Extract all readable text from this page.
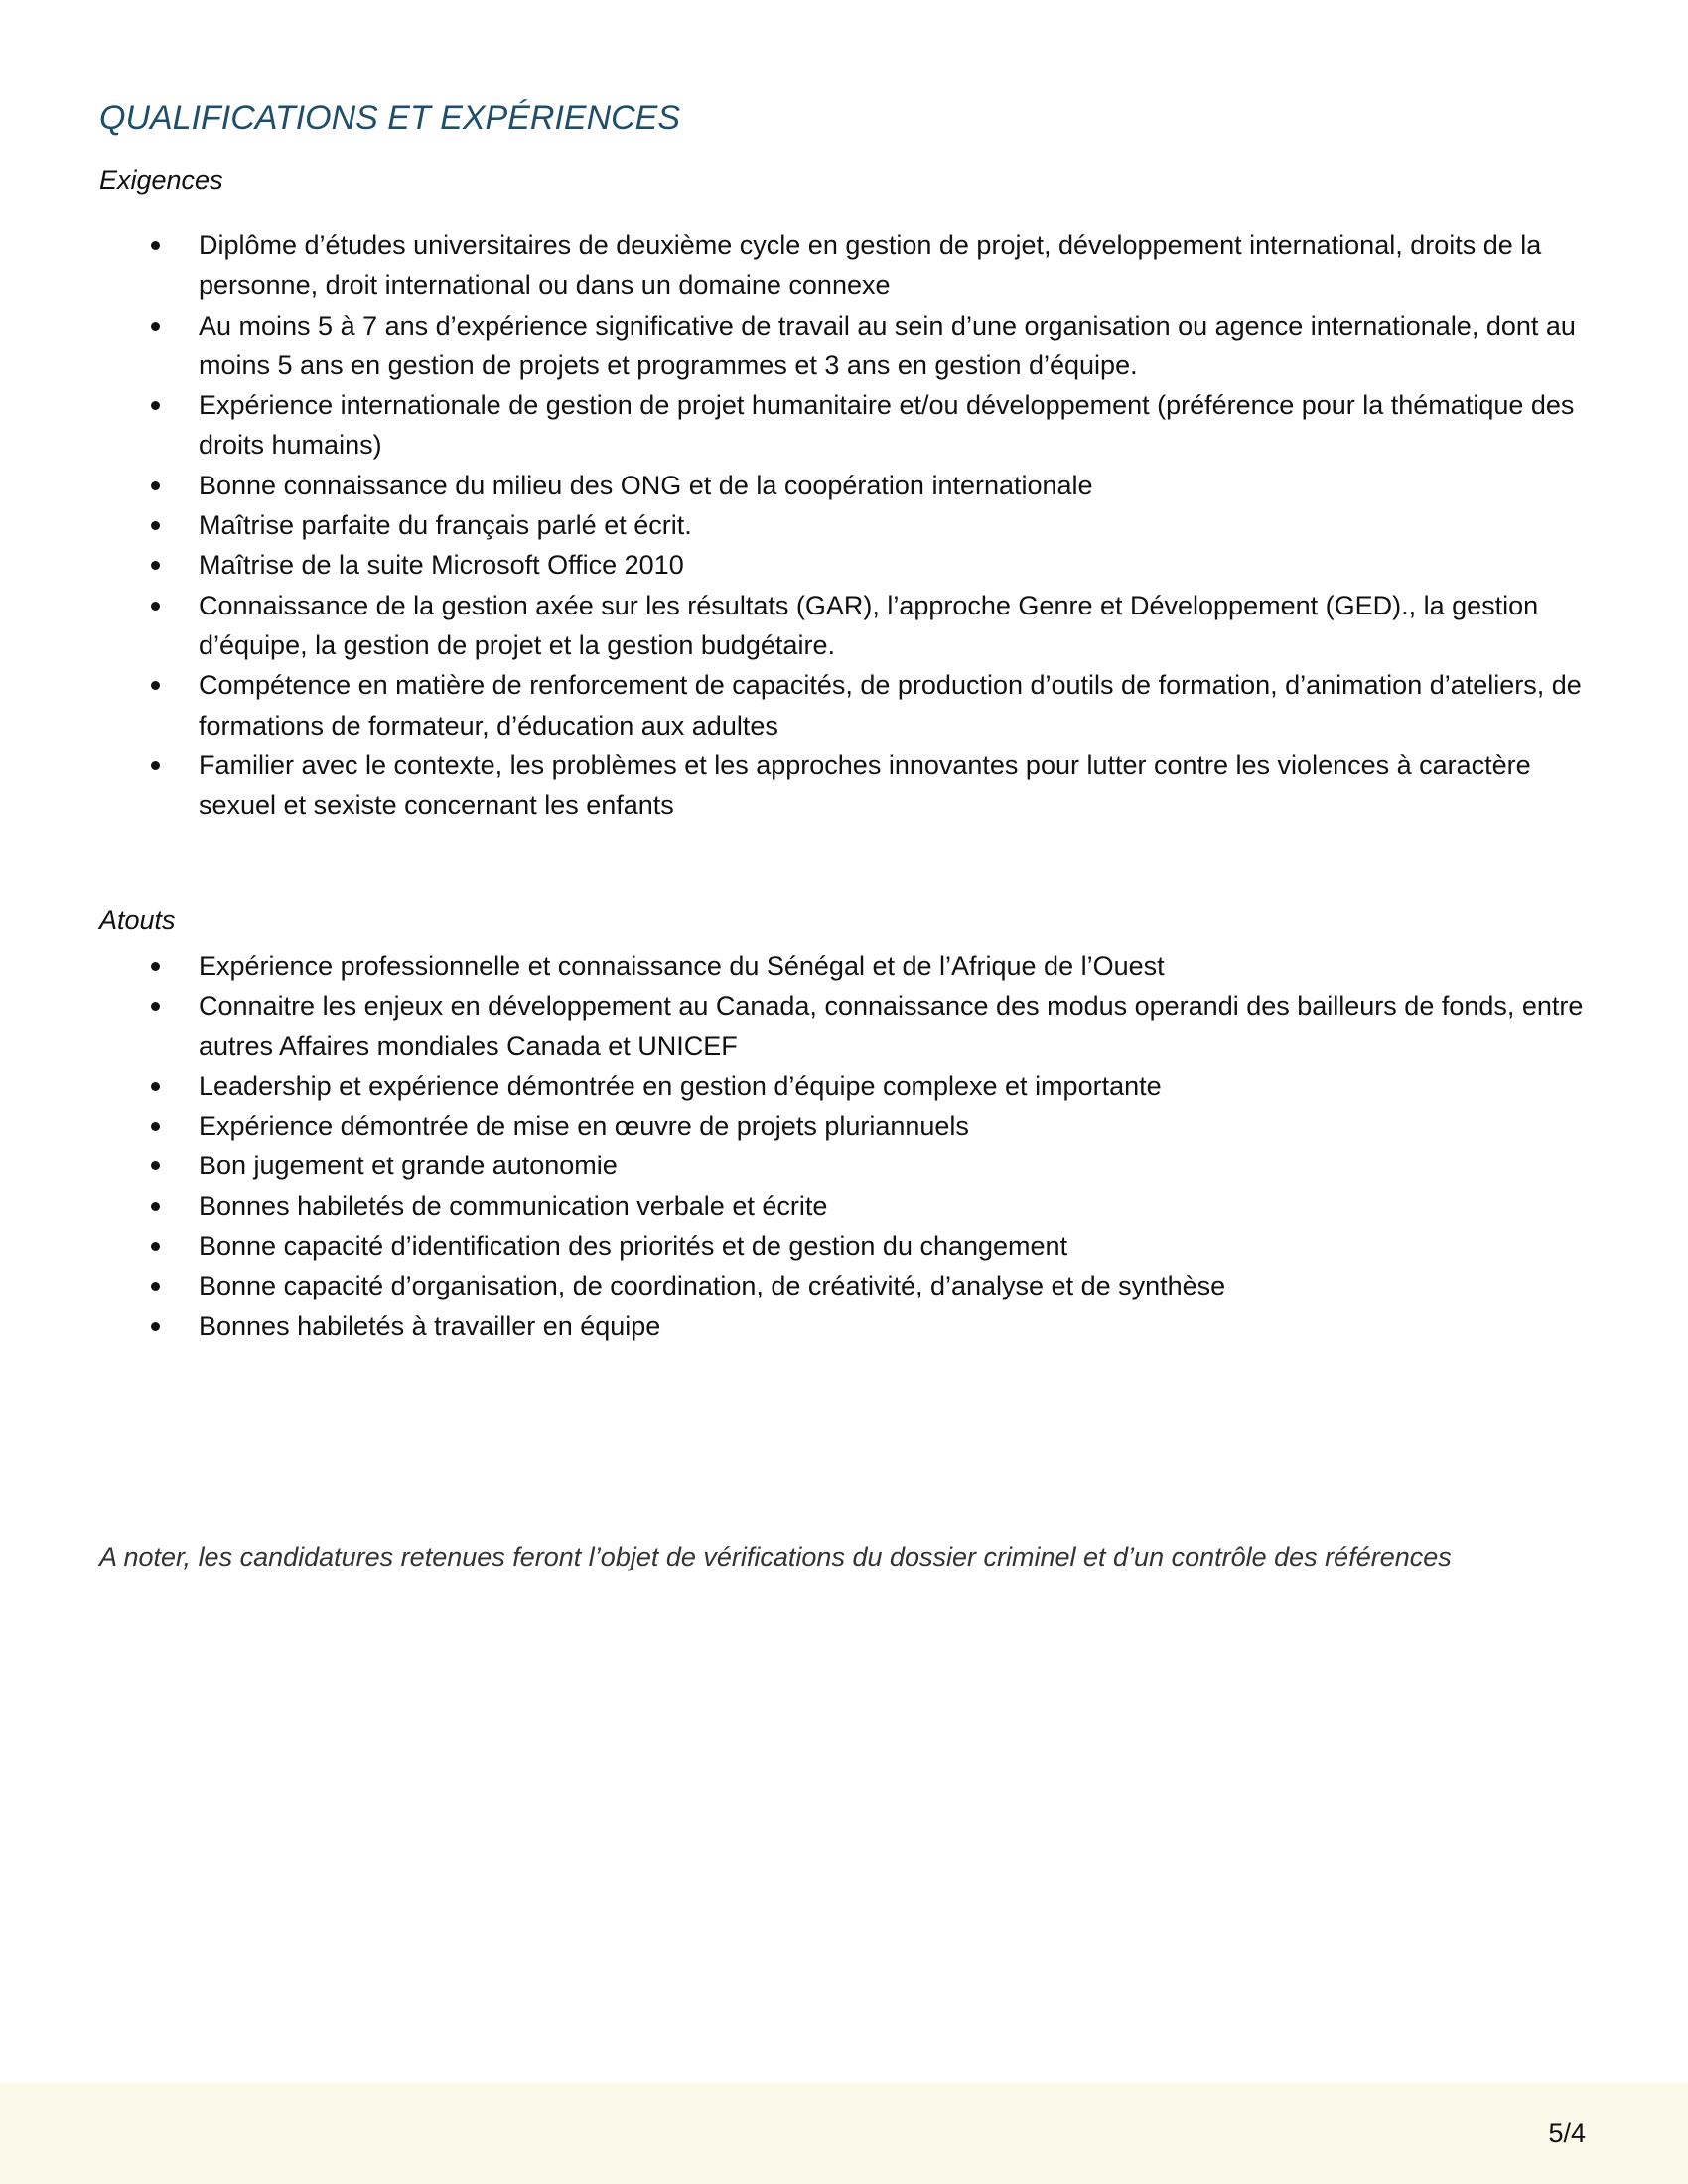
QUALIFICATIONS ET EXPÉRIENCES
Exigences
Diplôme d’études universitaires de deuxième cycle en gestion de projet, développement international, droits de la personne, droit international ou dans un domaine connexe
Au moins 5 à 7 ans d’expérience significative de travail au sein d’une organisation ou agence internationale, dont au moins 5 ans en gestion de projets et programmes et 3 ans en gestion d’équipe.
Expérience internationale de gestion de projet humanitaire et/ou développement (préférence pour la thématique des droits humains)
Bonne connaissance du milieu des ONG et de la coopération internationale
Maîtrise parfaite du français parlé et écrit.
Maîtrise de la suite Microsoft Office 2010
Connaissance de la gestion axée sur les résultats (GAR), l’approche Genre et Développement (GED)., la gestion d’équipe, la gestion de projet et la gestion budgétaire.
Compétence en matière de renforcement de capacités, de production d’outils de formation, d’animation d’ateliers, de formations de formateur, d’éducation aux adultes
Familier avec le contexte, les problèmes et les approches innovantes pour lutter contre les violences à caractère sexuel et sexiste concernant les enfants
Atouts
Expérience professionnelle et connaissance du Sénégal et de l’Afrique de l’Ouest
Connaitre les enjeux en développement au Canada, connaissance des modus operandi des bailleurs de fonds, entre autres Affaires mondiales Canada et UNICEF
Leadership et expérience démontrée en gestion d’équipe complexe et importante
Expérience démontrée de mise en œuvre de projets pluriannuels
Bon jugement et grande autonomie
Bonnes habiletés de communication verbale et écrite
Bonne capacité d’identification des priorités et de gestion du changement
Bonne capacité d’organisation, de coordination, de créativité, d’analyse et de synthèse
Bonnes habiletés à travailler en équipe

A noter, les candidatures retenues feront l’objet de vérifications du dossier criminel et d’un contrôle des références

5/4
